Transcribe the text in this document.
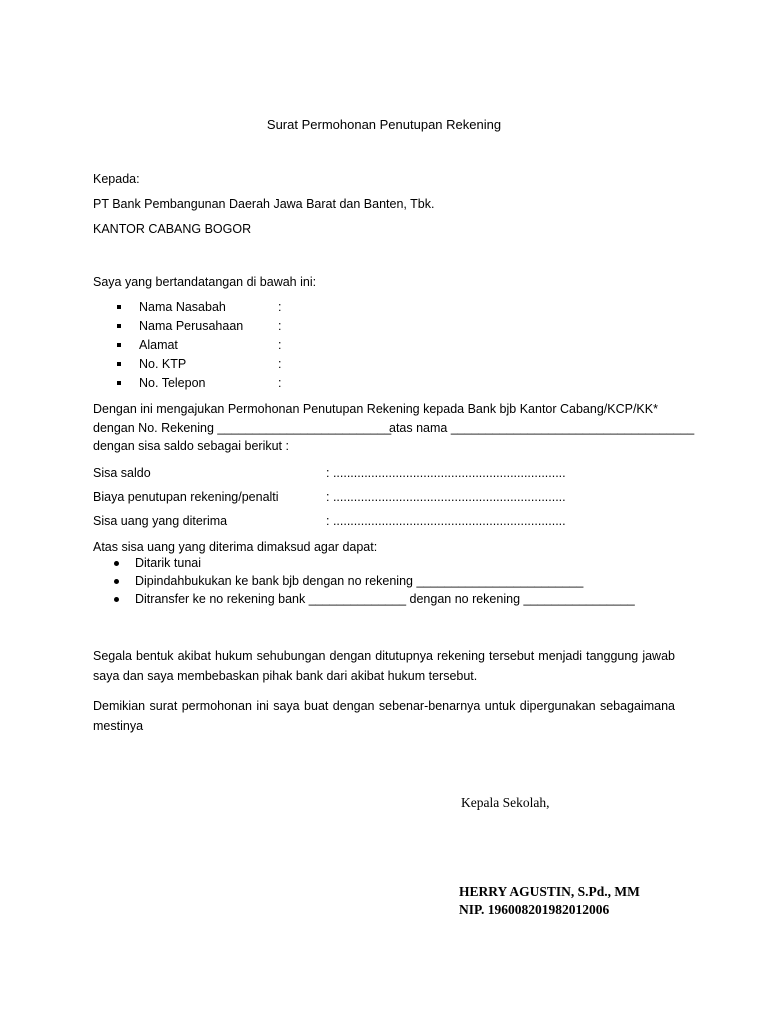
Surat Permohonan Penutupan Rekening
Kepada:
PT Bank Pembangunan Daerah Jawa Barat dan Banten, Tbk.
KANTOR CABANG BOGOR
Saya yang bertandatangan di bawah ini:
Nama Nasabah	:
Nama Perusahaan	:
Alamat	:
No. KTP	:
No. Telepon	:
Dengan ini mengajukan Permohonan Penutupan Rekening kepada Bank bjb Kantor Cabang/KCP/KK*
dengan No. Rekening _________________________
atas nama ___________________________________
dengan sisa saldo sebagai berikut :
Sisa saldo	: ...................................................................
Biaya penutupan rekening/penalti	: ...................................................................
Sisa uang yang diterima	: ...................................................................
Atas sisa uang yang diterima dimaksud agar dapat:
Ditarik tunai
Dipindahbukukan ke bank bjb dengan no rekening ________________________
Ditransfer ke no rekening bank ______________ dengan no rekening ________________
Segala bentuk akibat hukum sehubungan dengan ditutupnya rekening tersebut menjadi tanggung jawab saya dan saya membebaskan pihak bank dari akibat hukum tersebut.
Demikian surat permohonan ini saya buat dengan sebenar-benarnya untuk dipergunakan sebagaimana mestinya
Kepala Sekolah,
HERRY AGUSTIN, S.Pd., MM
NIP. 196008201982012006
